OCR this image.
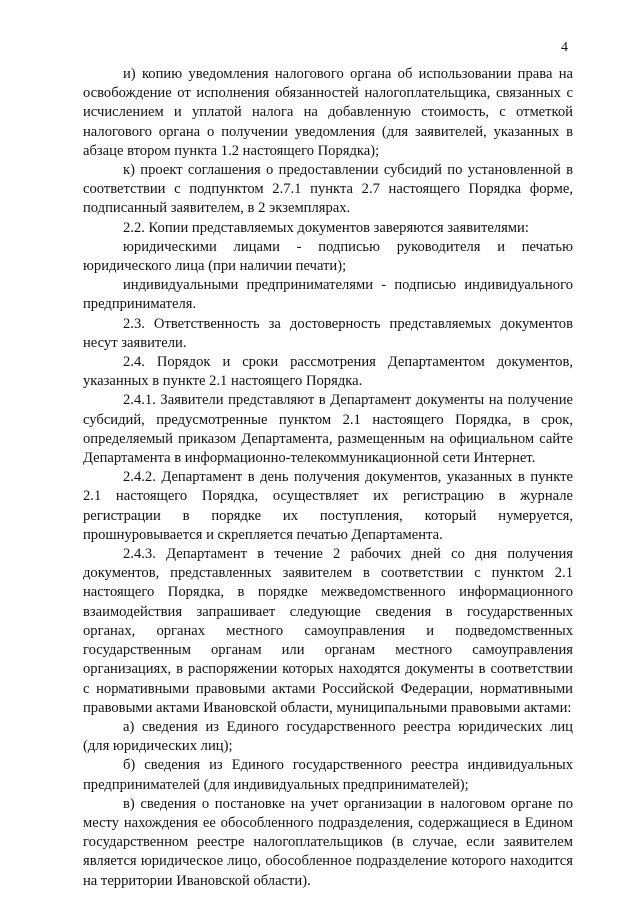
4

и) копию уведомления налогового органа об использовании права на освобождение от исполнения обязанностей налогоплательщика, связанных с исчислением и уплатой налога на добавленную стоимость, с отметкой налогового органа о получении уведомления (для заявителей, указанных в абзаце втором пункта 1.2 настоящего Порядка);

к) проект соглашения о предоставлении субсидий по установленной в соответствии с подпунктом 2.7.1 пункта 2.7 настоящего Порядка форме, подписанный заявителем, в 2 экземплярах.

2.2. Копии представляемых документов заверяются заявителями:

юридическими лицами - подписью руководителя и печатью юридического лица (при наличии печати);

индивидуальными предпринимателями - подписью индивидуального предпринимателя.

2.3. Ответственность за достоверность представляемых документов несут заявители.

2.4. Порядок и сроки рассмотрения Департаментом документов, указанных в пункте 2.1 настоящего Порядка.

2.4.1. Заявители представляют в Департамент документы на получение субсидий, предусмотренные пунктом 2.1 настоящего Порядка, в срок, определяемый приказом Департамента, размещенным на официальном сайте Департамента в информационно-телекоммуникационной сети Интернет.

2.4.2. Департамент в день получения документов, указанных в пункте 2.1 настоящего Порядка, осуществляет их регистрацию в журнале регистрации в порядке их поступления, который нумеруется, прошнуровывается и скрепляется печатью Департамента.

2.4.3. Департамент в течение 2 рабочих дней со дня получения документов, представленных заявителем в соответствии с пунктом 2.1 настоящего Порядка, в порядке межведомственного информационного взаимодействия запрашивает следующие сведения в государственных органах, органах местного самоуправления и подведомственных государственным органам или органам местного самоуправления организациях, в распоряжении которых находятся документы в соответствии с нормативными правовыми актами Российской Федерации, нормативными правовыми актами Ивановской области, муниципальными правовыми актами:

а) сведения из Единого государственного реестра юридических лиц (для юридических лиц);

б) сведения из Единого государственного реестра индивидуальных предпринимателей (для индивидуальных предпринимателей);

в) сведения о постановке на учет организации в налоговом органе по месту нахождения ее обособленного подразделения, содержащиеся в Едином государственном реестре налогоплательщиков (в случае, если заявителем является юридическое лицо, обособленное подразделение которого находится на территории Ивановской области).
